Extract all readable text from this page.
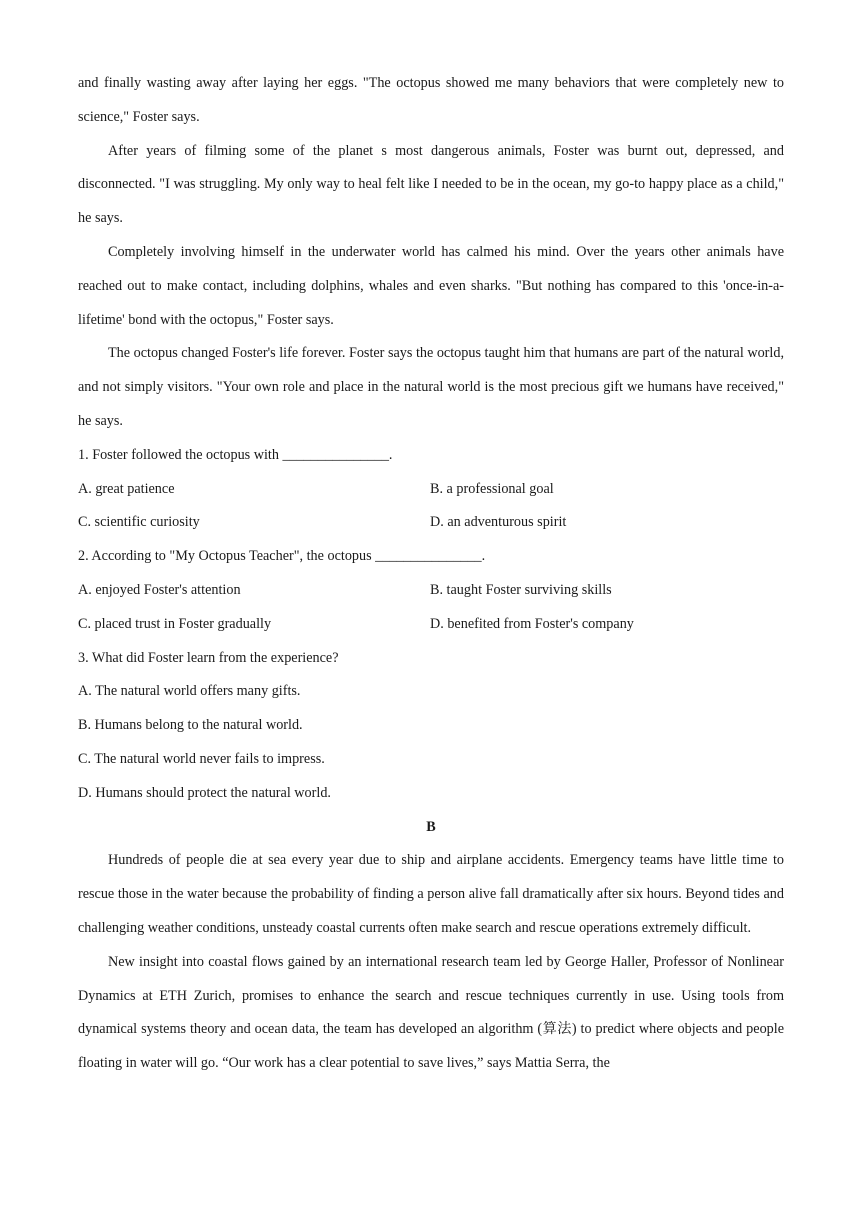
and finally wasting away after laying her eggs. "The octopus showed me many behaviors that were completely new to science," Foster says.

After years of filming some of the planet s most dangerous animals, Foster was burnt out, depressed, and disconnected. "I was struggling. My only way to heal felt like I needed to be in the ocean, my go-to happy place as a child," he says.

Completely involving himself in the underwater world has calmed his mind. Over the years other animals have reached out to make contact, including dolphins, whales and even sharks. "But nothing has compared to this 'once-in-a-lifetime' bond with the octopus," Foster says.

The octopus changed Foster's life forever. Foster says the octopus taught him that humans are part of the natural world, and not simply visitors. "Your own role and place in the natural world is the most precious gift we humans have received," he says.

1. Foster followed the octopus with _______________.

A. great patience	B. a professional goal

C. scientific curiosity	D. an adventurous spirit

2. According to "My Octopus Teacher", the octopus _______________.

A. enjoyed Foster's attention	B. taught Foster surviving skills

C. placed trust in Foster gradually	D. benefited from Foster's company

3. What did Foster learn from the experience?

A. The natural world offers many gifts.

B. Humans belong to the natural world.

C. The natural world never fails to impress.

D. Humans should protect the natural world.

B

Hundreds of people die at sea every year due to ship and airplane accidents. Emergency teams have little time to rescue those in the water because the probability of finding a person alive fall dramatically after six hours. Beyond tides and challenging weather conditions, unsteady coastal currents often make search and rescue operations extremely difficult.

New insight into coastal flows gained by an international research team led by George Haller, Professor of Nonlinear Dynamics at ETH Zurich, promises to enhance the search and rescue techniques currently in use. Using tools from dynamical systems theory and ocean data, the team has developed an algorithm (算法) to predict where objects and people floating in water will go. “Our work has a clear potential to save lives,” says Mattia Serra, the
